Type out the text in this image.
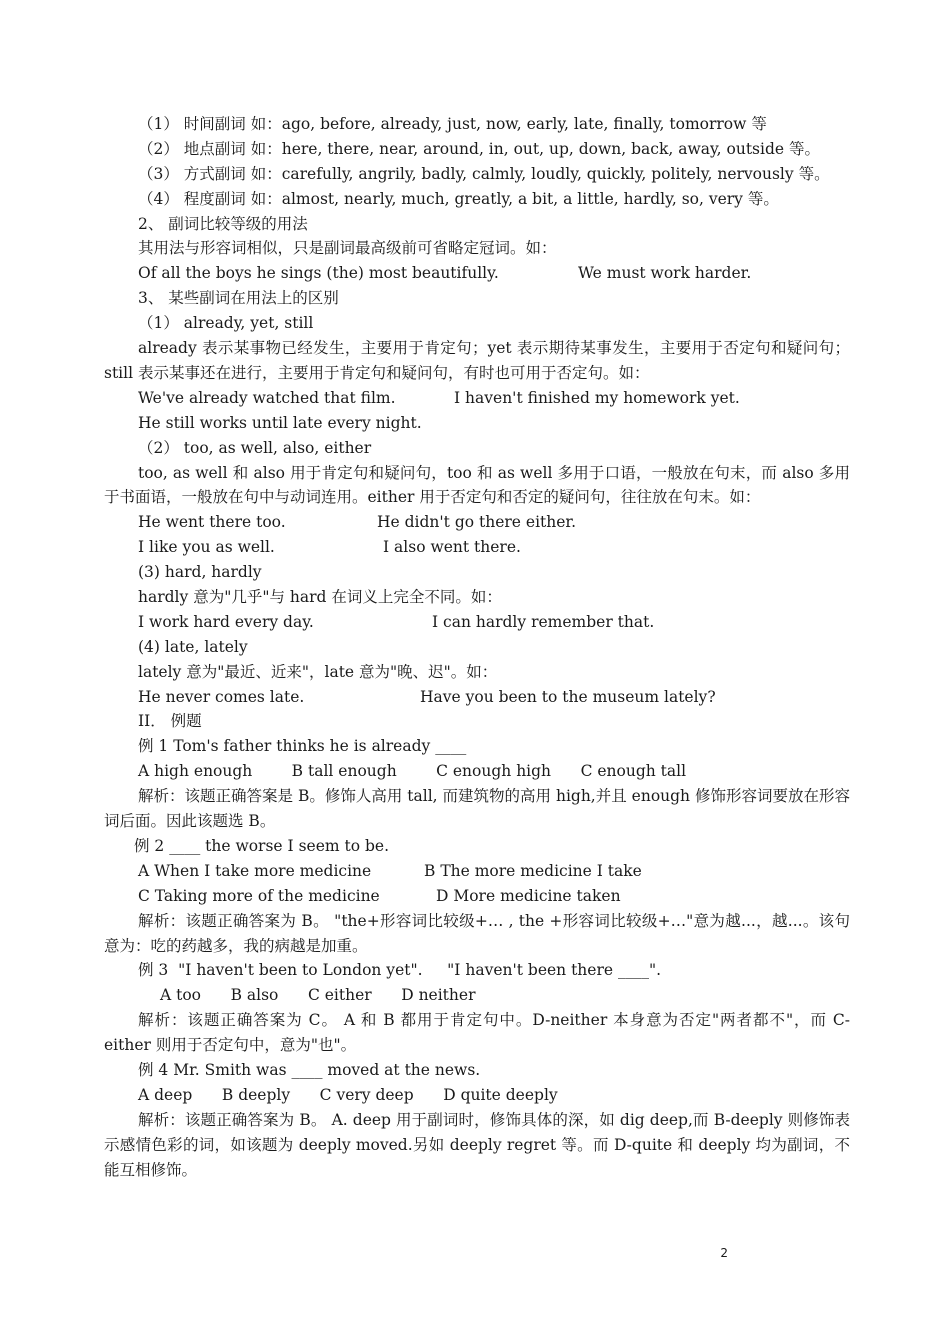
（1） 时间副词 如：ago, before, already, just, now, early, late, finally, tomorrow 等
（2） 地点副词 如：here, there, near, around, in, out, up, down, back, away, outside 等。
（3） 方式副词 如：carefully, angrily, badly, calmly, loudly, quickly, politely, nervously 等。
（4） 程度副词 如：almost, nearly, much, greatly, a bit, a little, hardly, so, very 等。
2、 副词比较等级的用法
其用法与形容词相似，只是副词最高级前可省略定冠词。如：
Of all the boys he sings (the) most beautifully.	We must work harder.
3、 某些副词在用法上的区别
（1） already, yet, still
already 表示某事物已经发生，主要用于肯定句；yet 表示期待某事发生，主要用于否定句和疑问句；still 表示某事还在进行，主要用于肯定句和疑问句，有时也可用于否定句。如：
We've already watched that film.	I haven't finished my homework yet.
He still works until late every night.
（2） too, as well, also, either
too, as well 和 also 用于肯定句和疑问句，too 和 as well 多用于口语，一般放在句末，而 also 多用于书面语，一般放在句中与动词连用。either 用于否定句和否定的疑问句，往往放在句末。如：
He went there too.	He didn't go there either.
I like you as well.	I also went there.
(3) hard, hardly
hardly 意为"几乎"与 hard 在词义上完全不同。如：
I work hard every day.	I can hardly remember that.
(4) late, lately
lately 意为"最近、近来"，late 意为"晚、迟"。如：
He never comes late.	Have you been to the museum lately?
II． 例题
例 1 Tom's father thinks he is already ____
A high enough        B tall enough        C enough high      C enough tall
解析：该题正确答案是 B。修饰人高用 tall, 而建筑物的高用 high,并且 enough 修饰形容词要放在形容词后面。因此该题选 B。
例 2 ____ the worse I seem to be.
A When I take more medicine	B The more medicine I take
C Taking more of the medicine	D More medicine taken
解析：该题正确答案为 B。 "the+形容词比较级+… , the +形容词比较级+…"意为越...，越...。该句意为：吃的药越多，我的病越是加重。
例 3  "I haven't been to London yet".     "I haven't been there ____".
A too      B also      C either      D neither
解析：该题正确答案为 C。 A 和 B 都用于肯定句中。D-neither 本身意为否定"两者都不"，而 C-either 则用于否定句中，意为"也"。
例 4 Mr. Smith was ____ moved at the news.
A deep      B deeply      C very deep      D quite deeply
解析：该题正确答案为 B。 A. deep 用于副词时，修饰具体的深，如 dig deep,而 B-deeply 则修饰表示感情色彩的词，如该题为 deeply moved.另如 deeply regret 等。而 D-quite 和 deeply 均为副词，不能互相修饰。
2
